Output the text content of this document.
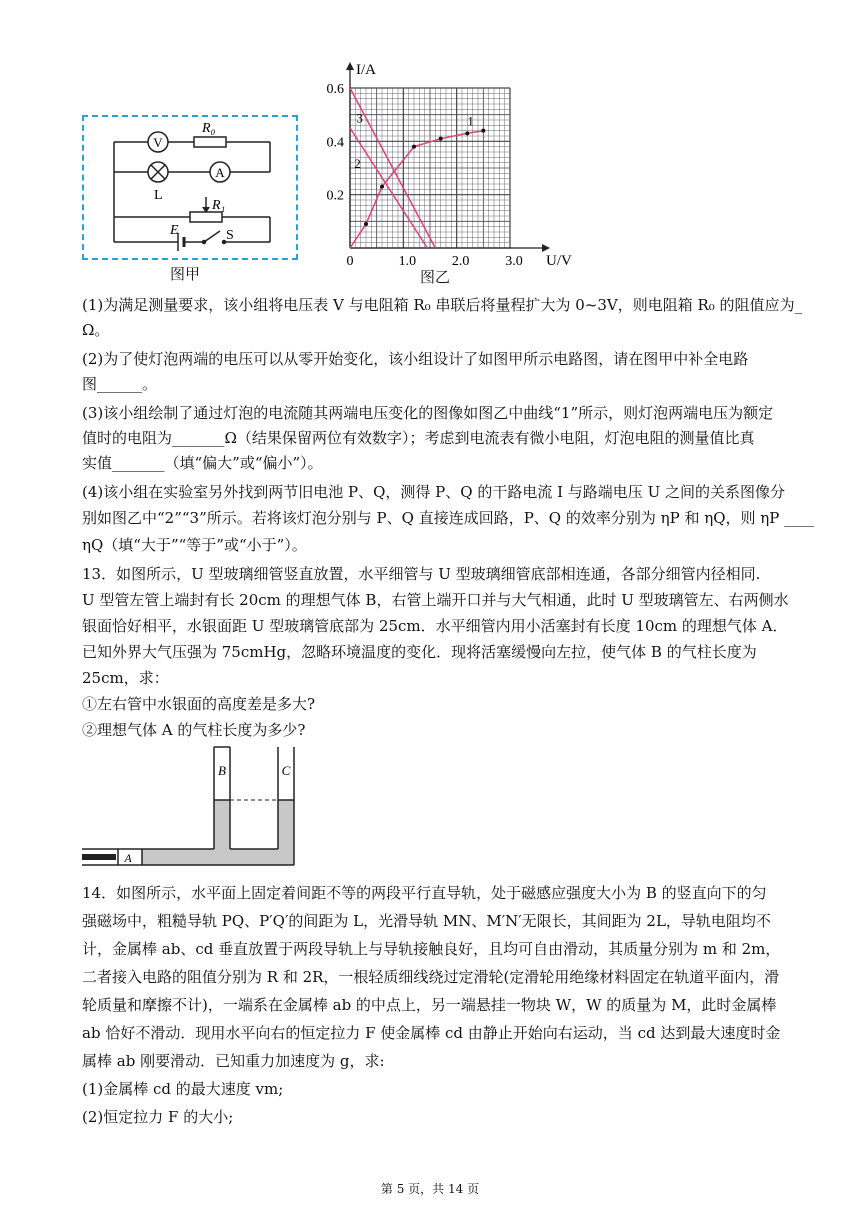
V
A
R₀
L
R₁
E	S
图甲
0	1.0	2.0	3.0
0.2
0.4
0.6
U/V
I/A
1
2
3
图乙
(1)为满足测量要求，该小组将电压表 V 与电阻箱 R₀ 串联后将量程扩大为 0~3V，则电阻箱 R₀ 的阻值应为_
Ω。
(2)为了使灯泡两端的电压可以从零开始变化，该小组设计了如图甲所示电路图，请在图甲中补全电路
图______。
(3)该小组绘制了通过灯泡的电流随其两端电压变化的图像如图乙中曲线“1”所示，则灯泡两端电压为额定
值时的电阻为_______Ω（结果保留两位有效数字）；考虑到电流表有微小电阻，灯泡电阻的测量值比真
实值_______（填“偏大”或“偏小”）。
(4)该小组在实验室另外找到两节旧电池 P、Q，测得 P、Q 的干路电流 I 与路端电压 U 之间的关系图像分
别如图乙中“2”“3”所示。若将该灯泡分别与 P、Q 直接连成回路，P、Q 的效率分别为 ηP 和 ηQ，则 ηP ____
ηQ（填“大于”“等于”或“小于”）。
13．如图所示，U 型玻璃细管竖直放置，水平细管与 U 型玻璃细管底部相连通，各部分细管内径相同.
U 型管左管上端封有长 20cm 的理想气体 B，右管上端开口并与大气相通，此时 U 型玻璃管左、右两侧水
银面恰好相平，水银面距 U 型玻璃管底部为 25cm．水平细管内用小活塞封有长度 10cm 的理想气体 A．
已知外界大气压强为 75cmHg，忽略环境温度的变化．现将活塞缓慢向左拉，使气体 B 的气柱长度为
25cm，求：
①左右管中水银面的高度差是多大?
②理想气体 A 的气柱长度为多少?
B	C
A
14．如图所示，水平面上固定着间距不等的两段平行直导轨，处于磁感应强度大小为 B 的竖直向下的匀
强磁场中，粗糙导轨 PQ、P′Q′的间距为 L，光滑导轨 MN、M′N′无限长，其间距为 2L，导轨电阻均不
计，金属棒 ab、cd 垂直放置于两段导轨上与导轨接触良好，且均可自由滑动，其质量分别为 m 和 2m，
二者接入电路的阻值分别为 R 和 2R，一根轻质细线绕过定滑轮(定滑轮用绝缘材料固定在轨道平面内，滑
轮质量和摩擦不计)，一端系在金属棒 ab 的中点上，另一端悬挂一物块 W，W 的质量为 M，此时金属棒
ab 恰好不滑动．现用水平向右的恒定拉力 F 使金属棒 cd 由静止开始向右运动，当 cd 达到最大速度时金
属棒 ab 刚要滑动．已知重力加速度为 g，求:
(1)金属棒 cd 的最大速度 vm;
(2)恒定拉力 F 的大小;
第 5 页，共 14 页
